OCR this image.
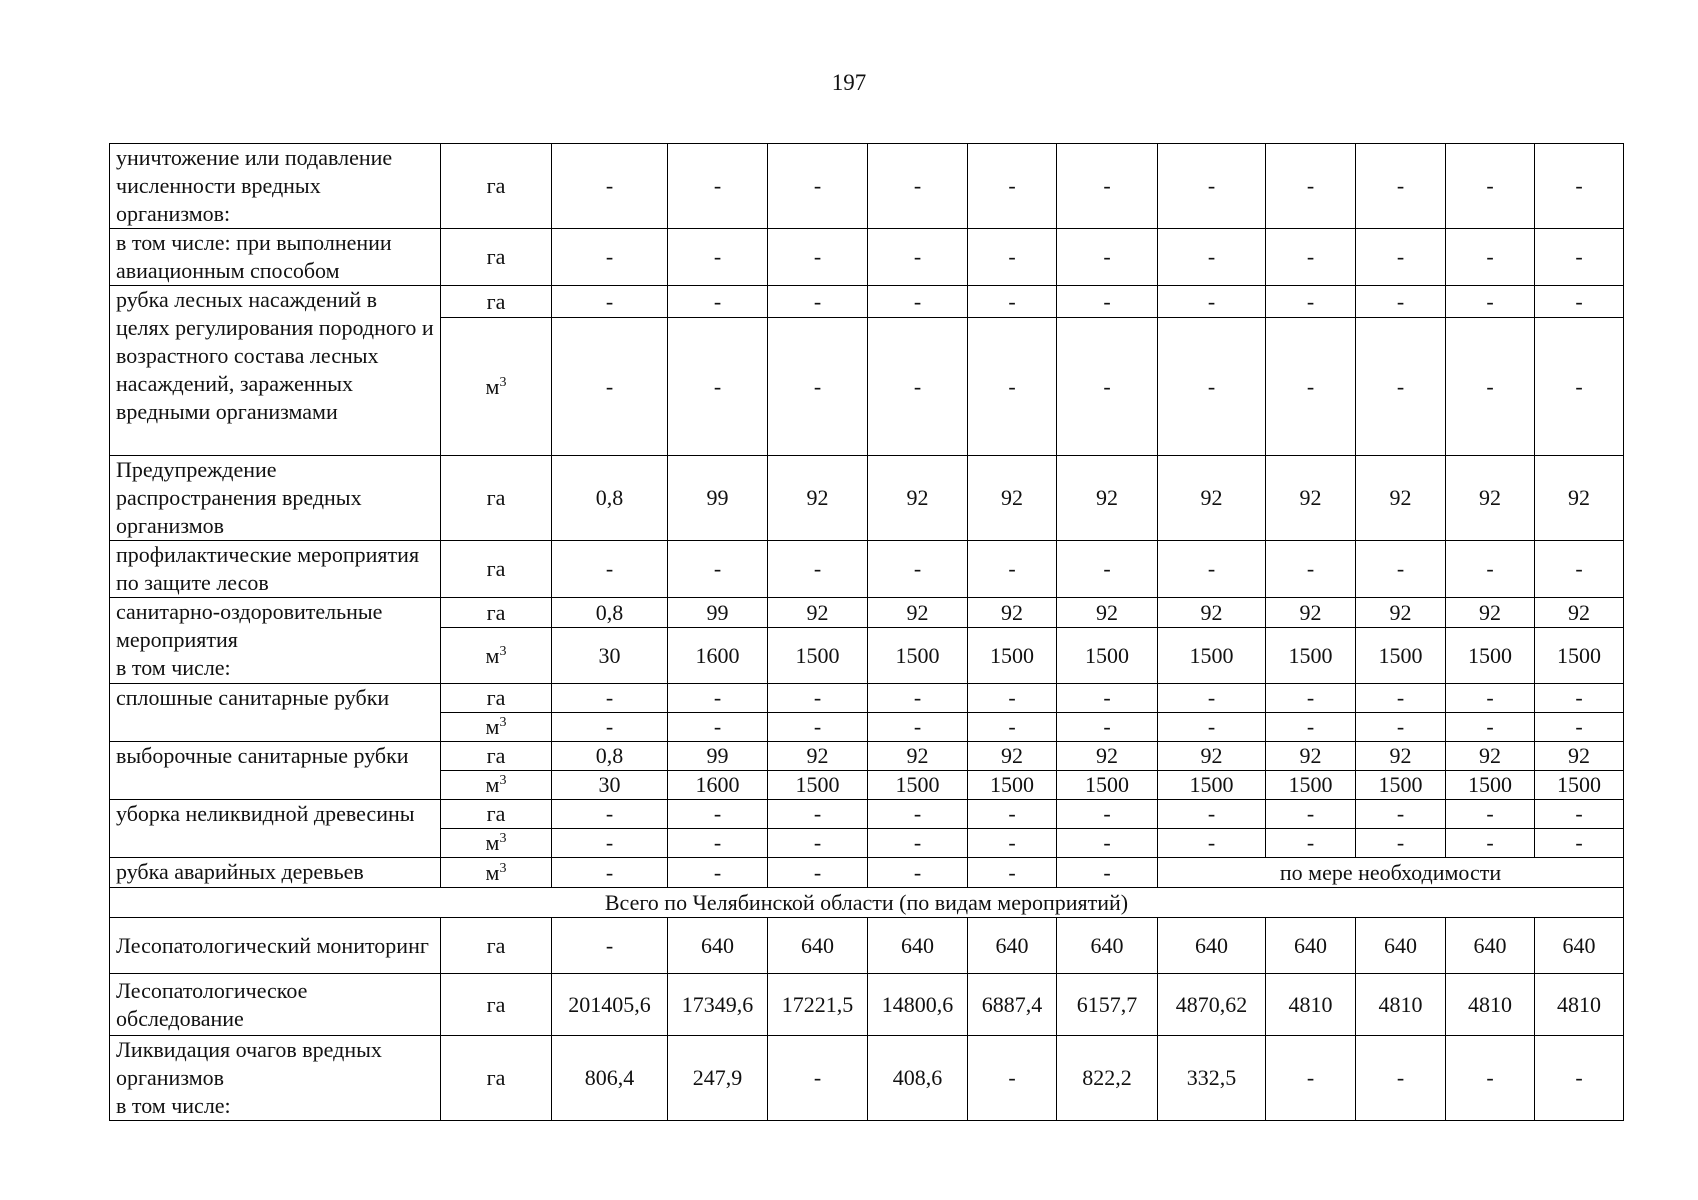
197
уничтожение или подавление численности вредных организмов:	га	-	-	-	-	-	-	-	-	-	-	-
в том числе: при выполнении авиационным способом	га	-	-	-	-	-	-	-	-	-	-	-
рубка лесных насаждений в целях регулирования породного и возрастного состава лесных насаждений, зараженных вредными организмами	га	-	-	-	-	-	-	-	-	-	-	-
	$м^3$	-	-	-	-	-	-	-	-	-	-	-
Предупреждение распространения вредных организмов	га	0,8	99	92	92	92	92	92	92	92	92	92
профилактические мероприятия по защите лесов	га	-	-	-	-	-	-	-	-	-	-	-
санитарно-оздоровительные мероприятия
в том числе:	га	0,8	99	92	92	92	92	92	92	92	92	92
	$м^3$	30	1600	1500	1500	1500	1500	1500	1500	1500	1500	1500
сплошные санитарные рубки	га	-	-	-	-	-	-	-	-	-	-	-
	$м^3$	-	-	-	-	-	-	-	-	-	-	-
выборочные санитарные рубки	га	0,8	99	92	92	92	92	92	92	92	92	92
	$м^3$	30	1600	1500	1500	1500	1500	1500	1500	1500	1500	1500
уборка неликвидной древесины	га	-	-	-	-	-	-	-	-	-	-	-
	$м^3$	-	-	-	-	-	-	-	-	-	-	-
рубка аварийных деревьев	$м^3$	-	-	-	-	-	-	по мере необходимости				
Всего по Челябинской области (по видам мероприятий)												
Лесопатологический мониторинг	га	-	640	640	640	640	640	640	640	640	640	640
Лесопатологическое обследование	га	201405,6	17349,6	17221,5	14800,6	6887,4	6157,7	4870,62	4810	4810	4810	4810
Ликвидация очагов вредных организмов
в том числе:	га	806,4	247,9	-	408,6	-	822,2	332,5	-	-	-	-
